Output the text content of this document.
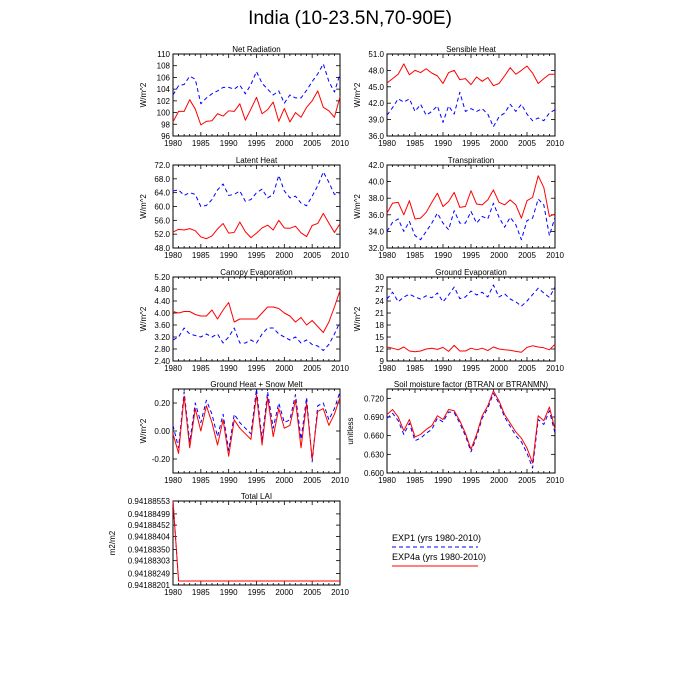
India (10-23.5N,70-90E)
Net Radiation
1980 1985 1990 1995 2000 2005 2010
96
98
100
102
104
106
108
110
W/m^2
Sensible Heat
1980 1985 1990 1995 2000 2005 2010
36.0
39.0
42.0
45.0
48.0
51.0
W/m^2
Latent Heat
1980 1985 1990 1995 2000 2005 2010
48.0
52.0
56.0
60.0
64.0
68.0
72.0
W/m^2
Transpiration
1980 1985 1990 1995 2000 2005 2010
32.0
34.0
36.0
38.0
40.0
42.0
W/m^2
Canopy Evaporation
1980 1985 1990 1995 2000 2005 2010
2.40
2.80
3.20
3.60
4.00
4.40
4.80
5.20
W/m^2
Ground Evaporation
1980 1985 1990 1995 2000 2005 2010
9
12
15
18
21
24
27
30
W/m^2
Ground Heat + Snow Melt
1980 1985 1990 1995 2000 2005 2010
-0.20
0.00
0.20
W/m^2
Soil moisture factor (BTRAN or BTRANMN)
1980 1985 1990 1995 2000 2005 2010
0.600
0.630
0.660
0.690
0.720
unitless
Total LAI
1980 1985 1990 1995 2000 2005 2010
0.94188201
0.94188249
0.94188303
0.94188350
0.94188404
0.94188452
0.94188499
0.94188553
m2/m2	EXP1 (yrs 1980-2010)
EXP4a (yrs 1980-2010)
